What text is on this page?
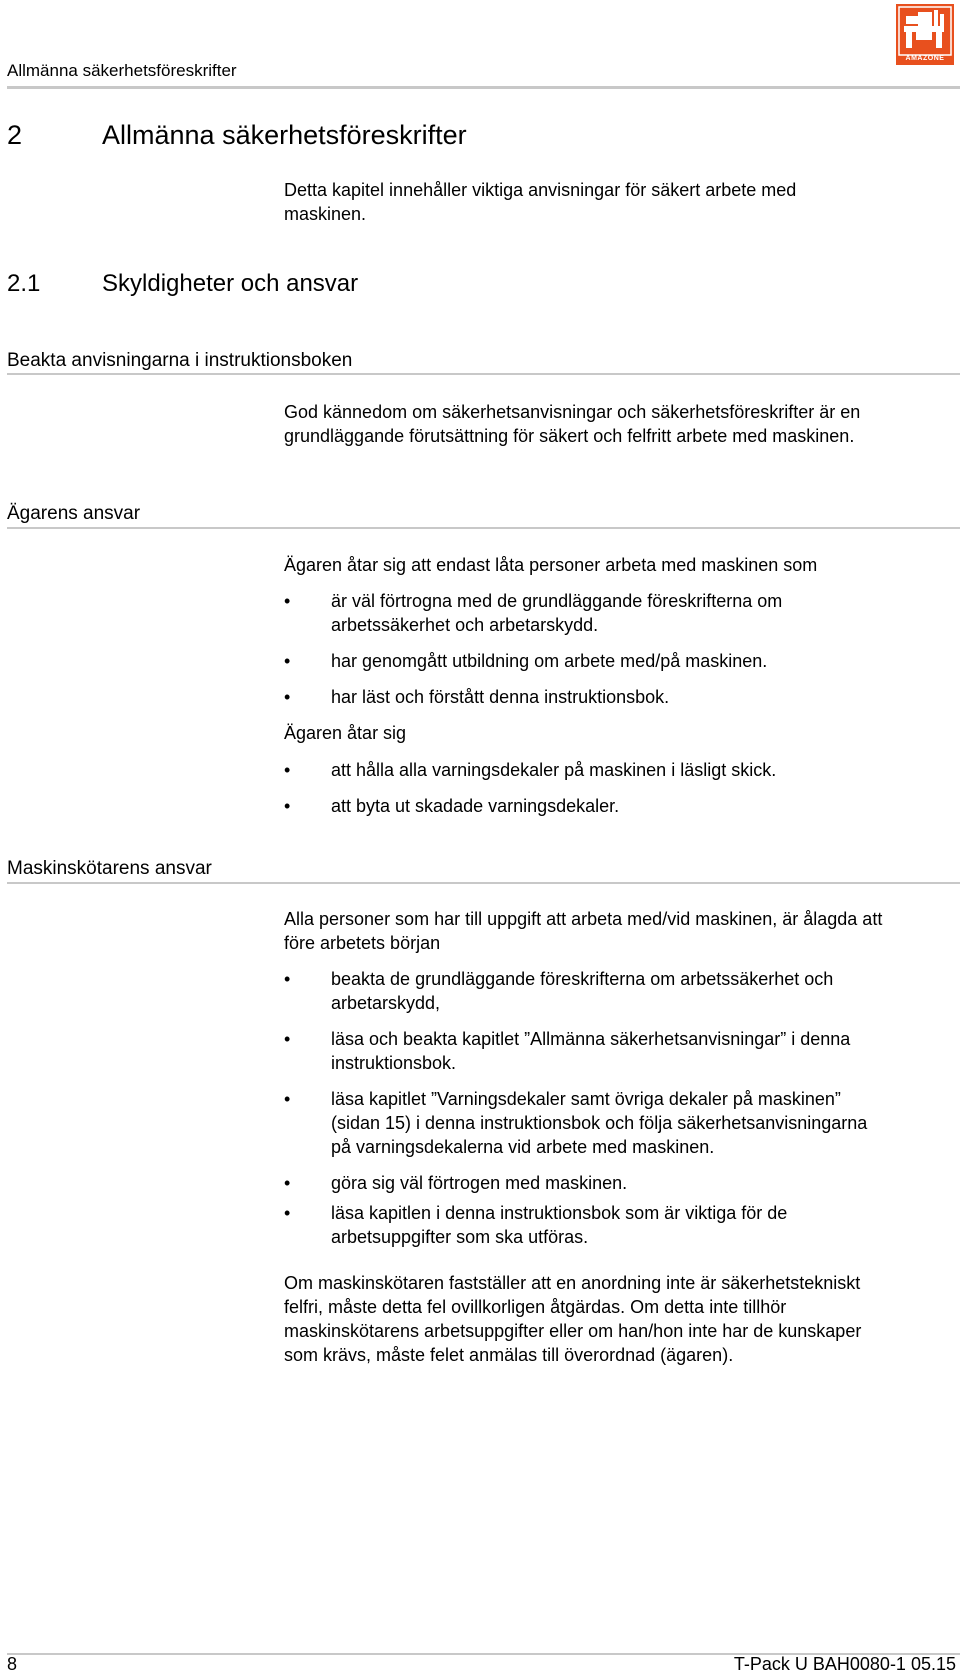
Allmänna säkerhetsföreskrifter
AMAZONE
2	Allmänna säkerhetsföreskrifter
Detta kapitel innehåller viktiga anvisningar för säkert arbete med maskinen.
2.1	Skyldigheter och ansvar
Beakta anvisningarna i instruktionsboken
God kännedom om säkerhetsanvisningar och säkerhetsföreskrifter är en grundläggande förutsättning för säkert och felfritt arbete med maskinen.
Ägarens ansvar

Ägaren åtar sig att endast låta personer arbeta med maskinen som

•	är väl förtrogna med de grundläggande föreskrifterna om arbetssäkerhet och arbetarskydd.
•	har genomgått utbildning om arbete med/på maskinen.
•	har läst och förstått denna instruktionsbok.

Ägaren åtar sig

•	att hålla alla varningsdekaler på maskinen i läsligt skick.
•	att byta ut skadade varningsdekaler.
Maskinskötarens ansvar

Alla personer som har till uppgift att arbeta med/vid maskinen, är ålagda att före arbetets början

•	beakta de grundläggande föreskrifterna om arbetssäkerhet och arbetarskydd,
•	läsa och beakta kapitlet ”Allmänna säkerhetsanvisningar” i denna instruktionsbok.
•	läsa kapitlet ”Varningsdekaler samt övriga dekaler på maskinen” (sidan 15) i denna instruktionsbok och följa säkerhetsanvisningarna på varningsdekalerna vid arbete med maskinen.
•	göra sig väl förtrogen med maskinen.
•	läsa kapitlen i denna instruktionsbok som är viktiga för de arbetsuppgifter som ska utföras.

Om maskinskötaren fastställer att en anordning inte är säkerhetstekniskt felfri, måste detta fel ovillkorligen åtgärdas. Om detta inte tillhör maskinskötarens arbetsuppgifter eller om han/hon inte har de kunskaper som krävs, måste felet anmälas till överordnad (ägaren).

8	T-Pack U BAH0080-1 05.15
